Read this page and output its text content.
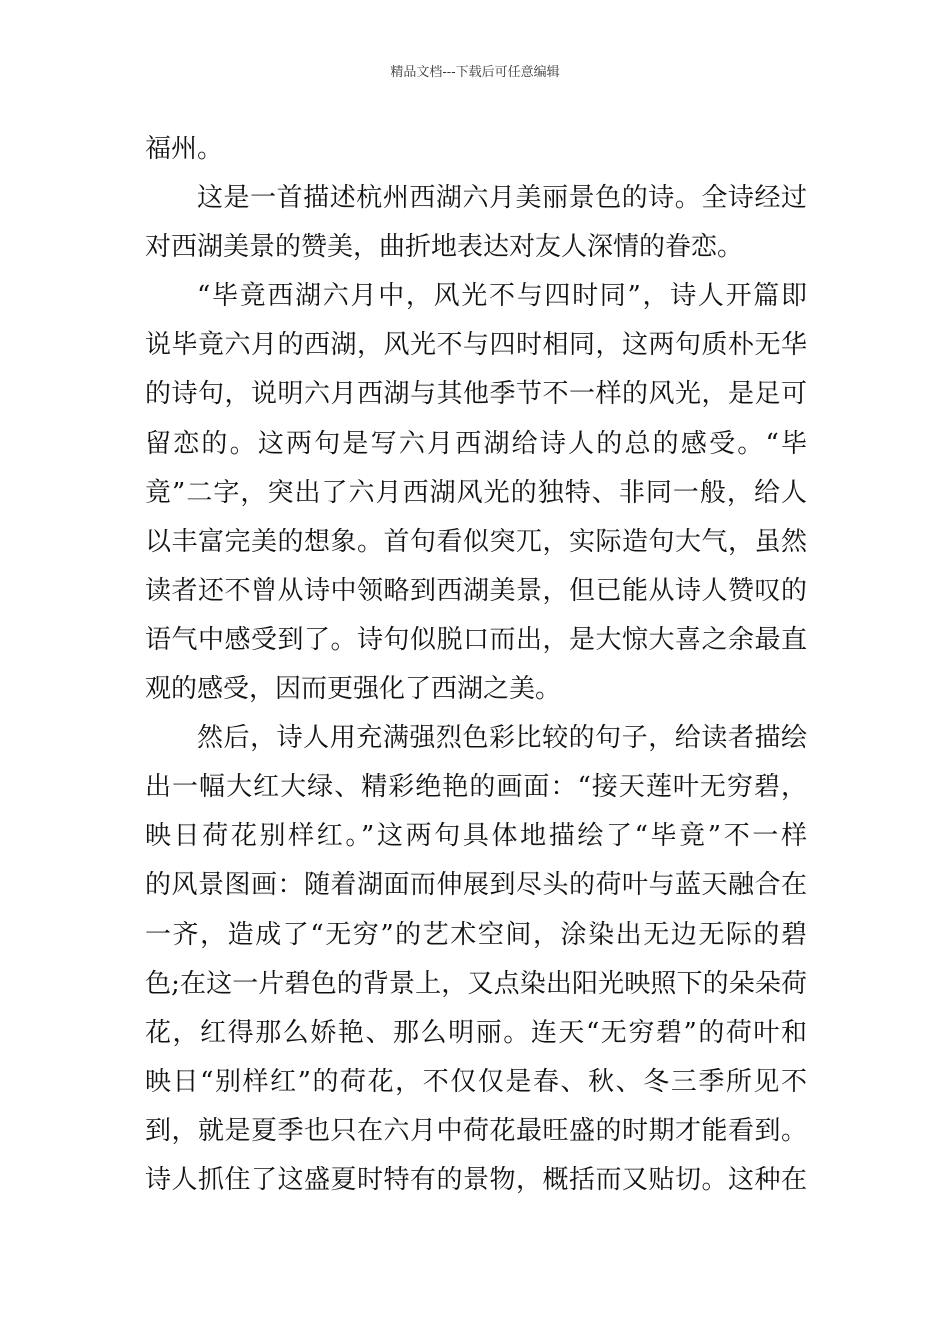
精品文档---下载后可任意编辑
福州。
这是一首描述杭州西湖六月美丽景色的诗。全诗经过
对西湖美景的赞美，曲折地表达对友人深情的眷恋。
“毕竟西湖六月中，风光不与四时同”，诗人开篇即
说毕竟六月的西湖，风光不与四时相同，这两句质朴无华
的诗句，说明六月西湖与其他季节不一样的风光，是足可
留恋的。这两句是写六月西湖给诗人的总的感受。“毕
竟”二字，突出了六月西湖风光的独特、非同一般，给人
以丰富完美的想象。首句看似突兀，实际造句大气，虽然
读者还不曾从诗中领略到西湖美景，但已能从诗人赞叹的
语气中感受到了。诗句似脱口而出，是大惊大喜之余最直
观的感受，因而更强化了西湖之美。
然后，诗人用充满强烈色彩比较的句子，给读者描绘
出一幅大红大绿、精彩绝艳的画面：“接天莲叶无穷碧，
映日荷花别样红。”这两句具体地描绘了“毕竟”不一样
的风景图画：随着湖面而伸展到尽头的荷叶与蓝天融合在
一齐，造成了“无穷”的艺术空间，涂染出无边无际的碧
色;在这一片碧色的背景上，又点染出阳光映照下的朵朵荷
花，红得那么娇艳、那么明丽。连天“无穷碧”的荷叶和
映日“别样红”的荷花，不仅仅是春、秋、冬三季所见不
到，就是夏季也只在六月中荷花最旺盛的时期才能看到。
诗人抓住了这盛夏时特有的景物，概括而又贴切。这种在
